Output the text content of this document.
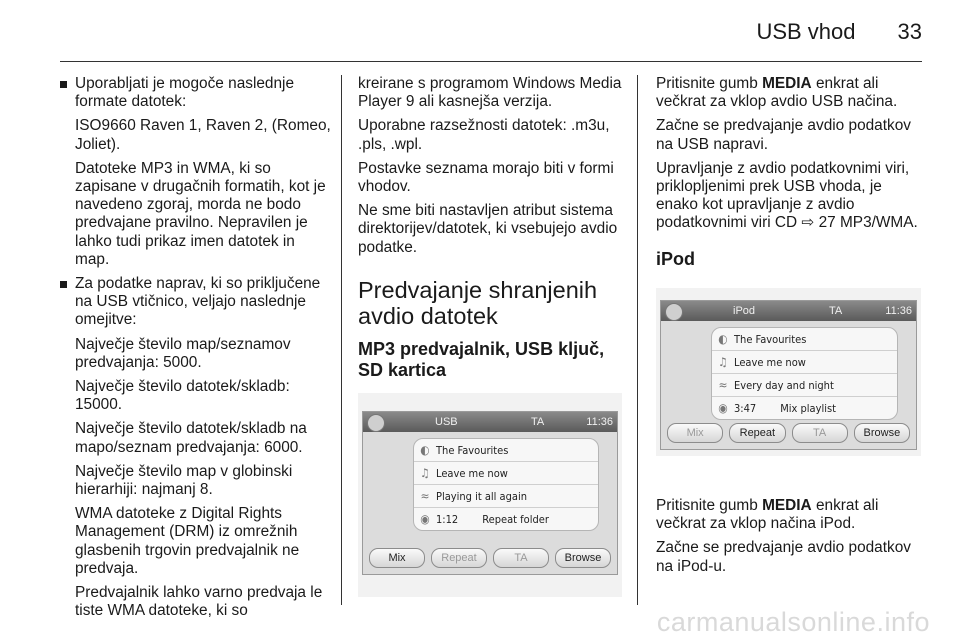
USB vhod 33

Uporabljati je mogoče naslednje formate datotek:

ISO9660 Raven 1, Raven 2, (Romeo, Joliet).

Datoteke MP3 in WMA, ki so zapisane v drugačnih formatih, kot je navedeno zgoraj, morda ne bodo predvajane pravilno. Nepravilen je lahko tudi prikaz imen datotek in map.

Za podatke naprav, ki so priključene na USB vtičnico, veljajo naslednje omejitve:

Največje število map/seznamov predvajanja: 5000.

Največje število datotek/skladb: 15000.

Največje število datotek/skladb na mapo/seznam predvajanja: 6000.

Največje število map v globinski hierarhiji: najmanj 8.

WMA datoteke z Digital Rights Management (DRM) iz omrežnih glasbenih trgovin predvajalnik ne predvaja.

Predvajalnik lahko varno predvaja le tiste WMA datoteke, ki so

kreirane s programom Windows Media Player 9 ali kasnejša verzija.

Uporabne razsežnosti datotek: .m3u, .pls, .wpl.

Postavke seznama morajo biti v formi vhodov.

Ne sme biti nastavljen atribut sistema direktorijev/datotek, ki vsebujejo avdio podatke.

Predvajanje shranjenih avdio datotek
MP3 predvajalnik, USB ključ, SD kartica

Pritisnite gumb MEDIA enkrat ali večkrat za vklop avdio USB načina.

Začne se predvajanje avdio podatkov na USB napravi.

Upravljanje z avdio podatkovnimi viri, priklopljenimi prek USB vhoda, je enako kot upravljanje z avdio podatkovnimi viri CD ⇨ 27 MP3/WMA.

iPod

Pritisnite gumb MEDIA enkrat ali večkrat za vklop načina iPod.

Začne se predvajanje avdio podatkov na iPod-u.

USB	TA	11:36
◐ The Favourites
♫ Leave me now
≈ Playing it all again
◉ 1:12 Repeat folder
Mix	Repeat	TA	Browse
iPod	TA	11:36
◐ The Favourites
♫ Leave me now
≈ Every day and night
◉ 3:47 Mix playlist
Mix	Repeat	TA	Browse
carmanualsonline.info
